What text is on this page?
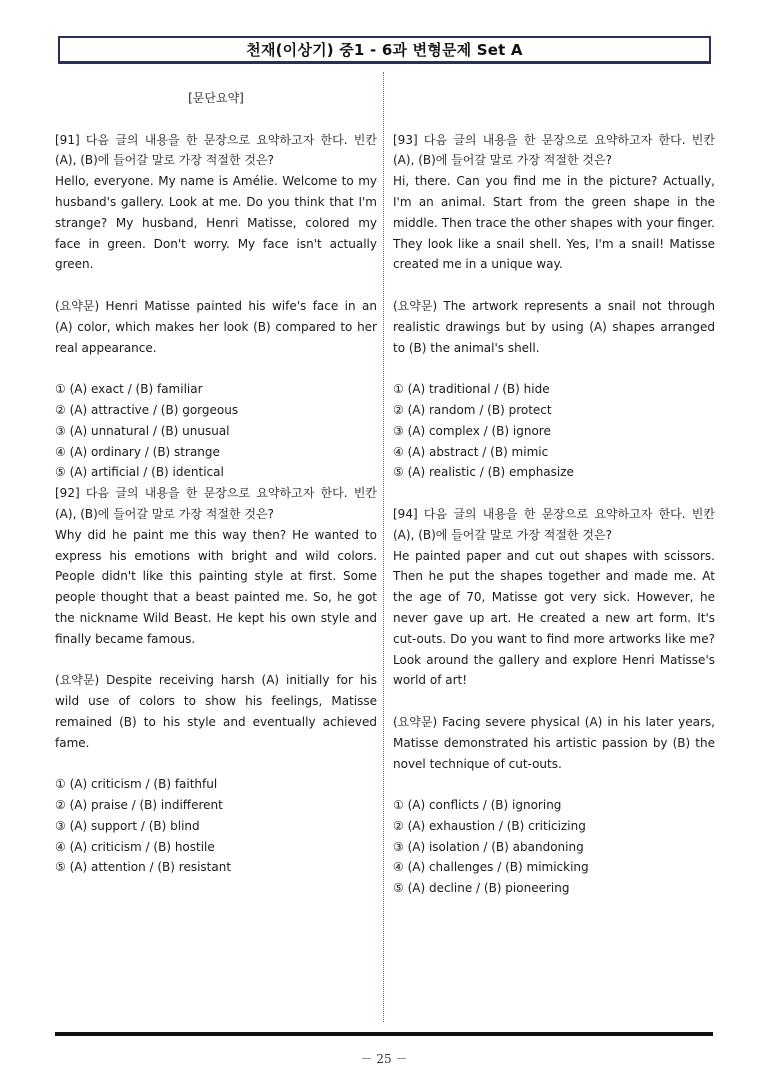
천재(이상기) 중1 - 6과 변형문제 Set A
[문단요약]
[91] 다음 글의 내용을 한 문장으로 요약하고자 한다. 빈칸 (A), (B)에 들어갈 말로 가장 적절한 것은?
Hello, everyone. My name is Amélie. Welcome to my husband's gallery. Look at me. Do you think that I'm strange? My husband, Henri Matisse, colored my face in green. Don't worry. My face isn't actually green.
(요약문) Henri Matisse painted his wife's face in an (A) color, which makes her look (B) compared to her real appearance.
① (A) exact / (B) familiar
② (A) attractive / (B) gorgeous
③ (A) unnatural / (B) unusual
④ (A) ordinary / (B) strange
⑤ (A) artificial / (B) identical
[92] 다음 글의 내용을 한 문장으로 요약하고자 한다. 빈칸 (A), (B)에 들어갈 말로 가장 적절한 것은?
Why did he paint me this way then? He wanted to express his emotions with bright and wild colors. People didn't like this painting style at first. Some people thought that a beast painted me. So, he got the nickname Wild Beast. He kept his own style and finally became famous.
(요약문) Despite receiving harsh (A) initially for his wild use of colors to show his feelings, Matisse remained (B) to his style and eventually achieved fame.
① (A) criticism / (B) faithful
② (A) praise / (B) indifferent
③ (A) support / (B) blind
④ (A) criticism / (B) hostile
⑤ (A) attention / (B) resistant
[93] 다음 글의 내용을 한 문장으로 요약하고자 한다. 빈칸 (A), (B)에 들어갈 말로 가장 적절한 것은?
Hi, there. Can you find me in the picture? Actually, I'm an animal. Start from the green shape in the middle. Then trace the other shapes with your finger. They look like a snail shell. Yes, I'm a snail! Matisse created me in a unique way.
(요약문) The artwork represents a snail not through realistic drawings but by using (A) shapes arranged to (B) the animal's shell.
① (A) traditional / (B) hide
② (A) random / (B) protect
③ (A) complex / (B) ignore
④ (A) abstract / (B) mimic
⑤ (A) realistic / (B) emphasize
[94] 다음 글의 내용을 한 문장으로 요약하고자 한다. 빈칸 (A), (B)에 들어갈 말로 가장 적절한 것은?
He painted paper and cut out shapes with scissors. Then he put the shapes together and made me. At the age of 70, Matisse got very sick. However, he never gave up art. He created a new art form. It's cut-outs. Do you want to find more artworks like me? Look around the gallery and explore Henri Matisse's world of art!
(요약문) Facing severe physical (A) in his later years, Matisse demonstrated his artistic passion by (B) the novel technique of cut-outs.
① (A) conflicts / (B) ignoring
② (A) exhaustion / (B) criticizing
③ (A) isolation / (B) abandoning
④ (A) challenges / (B) mimicking
⑤ (A) decline / (B) pioneering
－ 25 －
